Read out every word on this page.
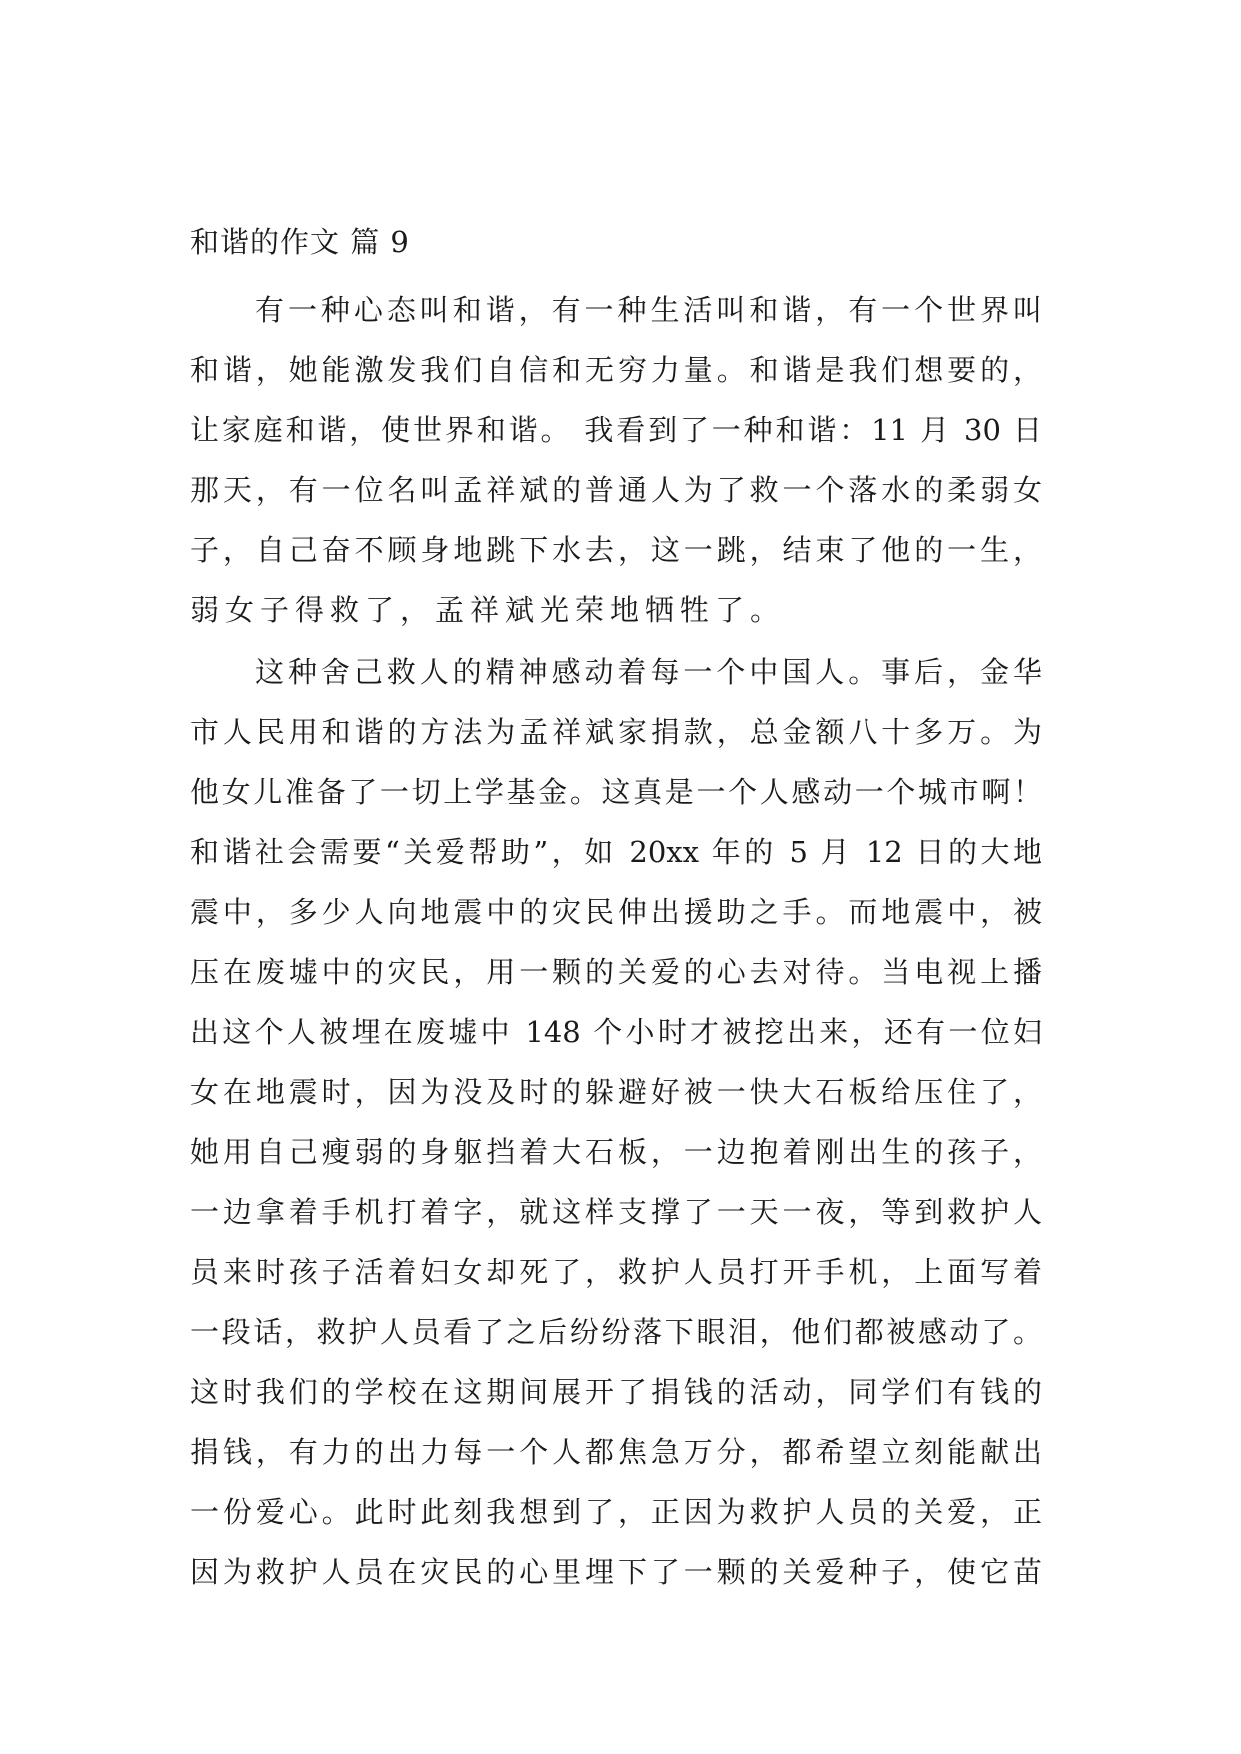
和谐的作文 篇 9
有一种心态叫和谐，有一种生活叫和谐，有一个世界叫
和谐，她能激发我们自信和无穷力量。和谐是我们想要的，
让家庭和谐，使世界和谐。 我看到了一种和谐：11 月 30 日
那天，有一位名叫孟祥斌的普通人为了救一个落水的柔弱女
子，自己奋不顾身地跳下水去，这一跳，结束了他的一生，
弱女子得救了，孟祥斌光荣地牺牲了。
这种舍己救人的精神感动着每一个中国人。事后，金华
市人民用和谐的方法为孟祥斌家捐款，总金额八十多万。为
他女儿准备了一切上学基金。这真是一个人感动一个城市啊！
和谐社会需要“关爱帮助”，如 20xx 年的 5 月 12 日的大地
震中，多少人向地震中的灾民伸出援助之手。而地震中，被
压在废墟中的灾民，用一颗的关爱的心去对待。当电视上播
出这个人被埋在废墟中 148 个小时才被挖出来，还有一位妇
女在地震时，因为没及时的躲避好被一快大石板给压住了，
她用自己瘦弱的身躯挡着大石板，一边抱着刚出生的孩子，
一边拿着手机打着字，就这样支撑了一天一夜，等到救护人
员来时孩子活着妇女却死了，救护人员打开手机，上面写着
一段话，救护人员看了之后纷纷落下眼泪，他们都被感动了。
这时我们的学校在这期间展开了捐钱的活动，同学们有钱的
捐钱，有力的出力每一个人都焦急万分，都希望立刻能献出
一份爱心。此时此刻我想到了，正因为救护人员的关爱，正
因为救护人员在灾民的心里埋下了一颗的关爱种子，使它苗
